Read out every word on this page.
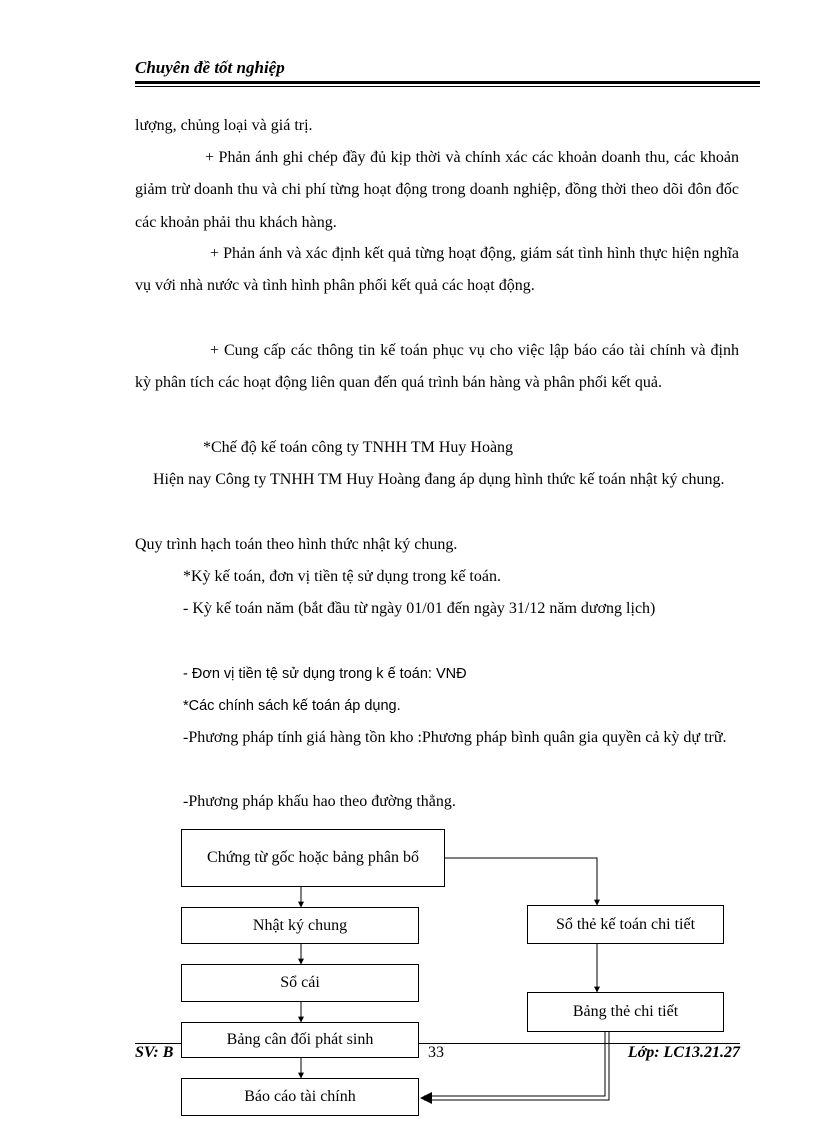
Chuyên đề tốt nghiệp
lượng, chủng loại và giá trị.
+ Phản ánh ghi chép đầy đủ kịp thời và chính xác các khoản doanh thu, các khoản giảm trừ doanh thu và chi phí từng hoạt động trong doanh nghiệp, đồng thời theo dõi đôn đốc các khoản phải thu khách hàng.
+ Phản ánh và xác định kết quả từng hoạt động, giám sát tình hình thực hiện nghĩa vụ với nhà nước và tình hình phân phối kết quả các hoạt động.
+ Cung cấp các thông tin kế toán phục vụ cho việc lập báo cáo tài chính và định kỳ phân tích các hoạt động liên quan đến quá trình bán hàng và phân phối kết quả.
*Chế độ kế toán công ty TNHH TM Huy Hoàng
Hiện nay Công ty TNHH TM Huy Hoàng đang áp dụng hình thức kế toán nhật ký chung.
Quy trình hạch toán theo hình thức nhật ký chung.
*Kỳ kế toán, đơn vị tiền tệ sử dụng trong kế toán.
- Kỳ kế toán năm (bắt đầu từ ngày 01/01 đến ngày 31/12 năm dương lịch)
- Đơn vị tiền tệ sử dụng trong k ế toán: VNĐ
*Các chính sách kế toán áp dụng.
-Phương pháp tính giá hàng tồn kho :Phương pháp bình quân gia quyền cả kỳ dự trữ.
-Phương pháp khấu hao theo đường thẳng.
Chứng từ gốc hoặc bảng phân bổ
Nhật ký chung
Sổ cái
Sổ thẻ kế toán chi tiết
Bảng thẻ chi tiết
SV: B	33	Lớp: LC13.21.27
Bảng cân đối phát sinh
Báo cáo tài chính
